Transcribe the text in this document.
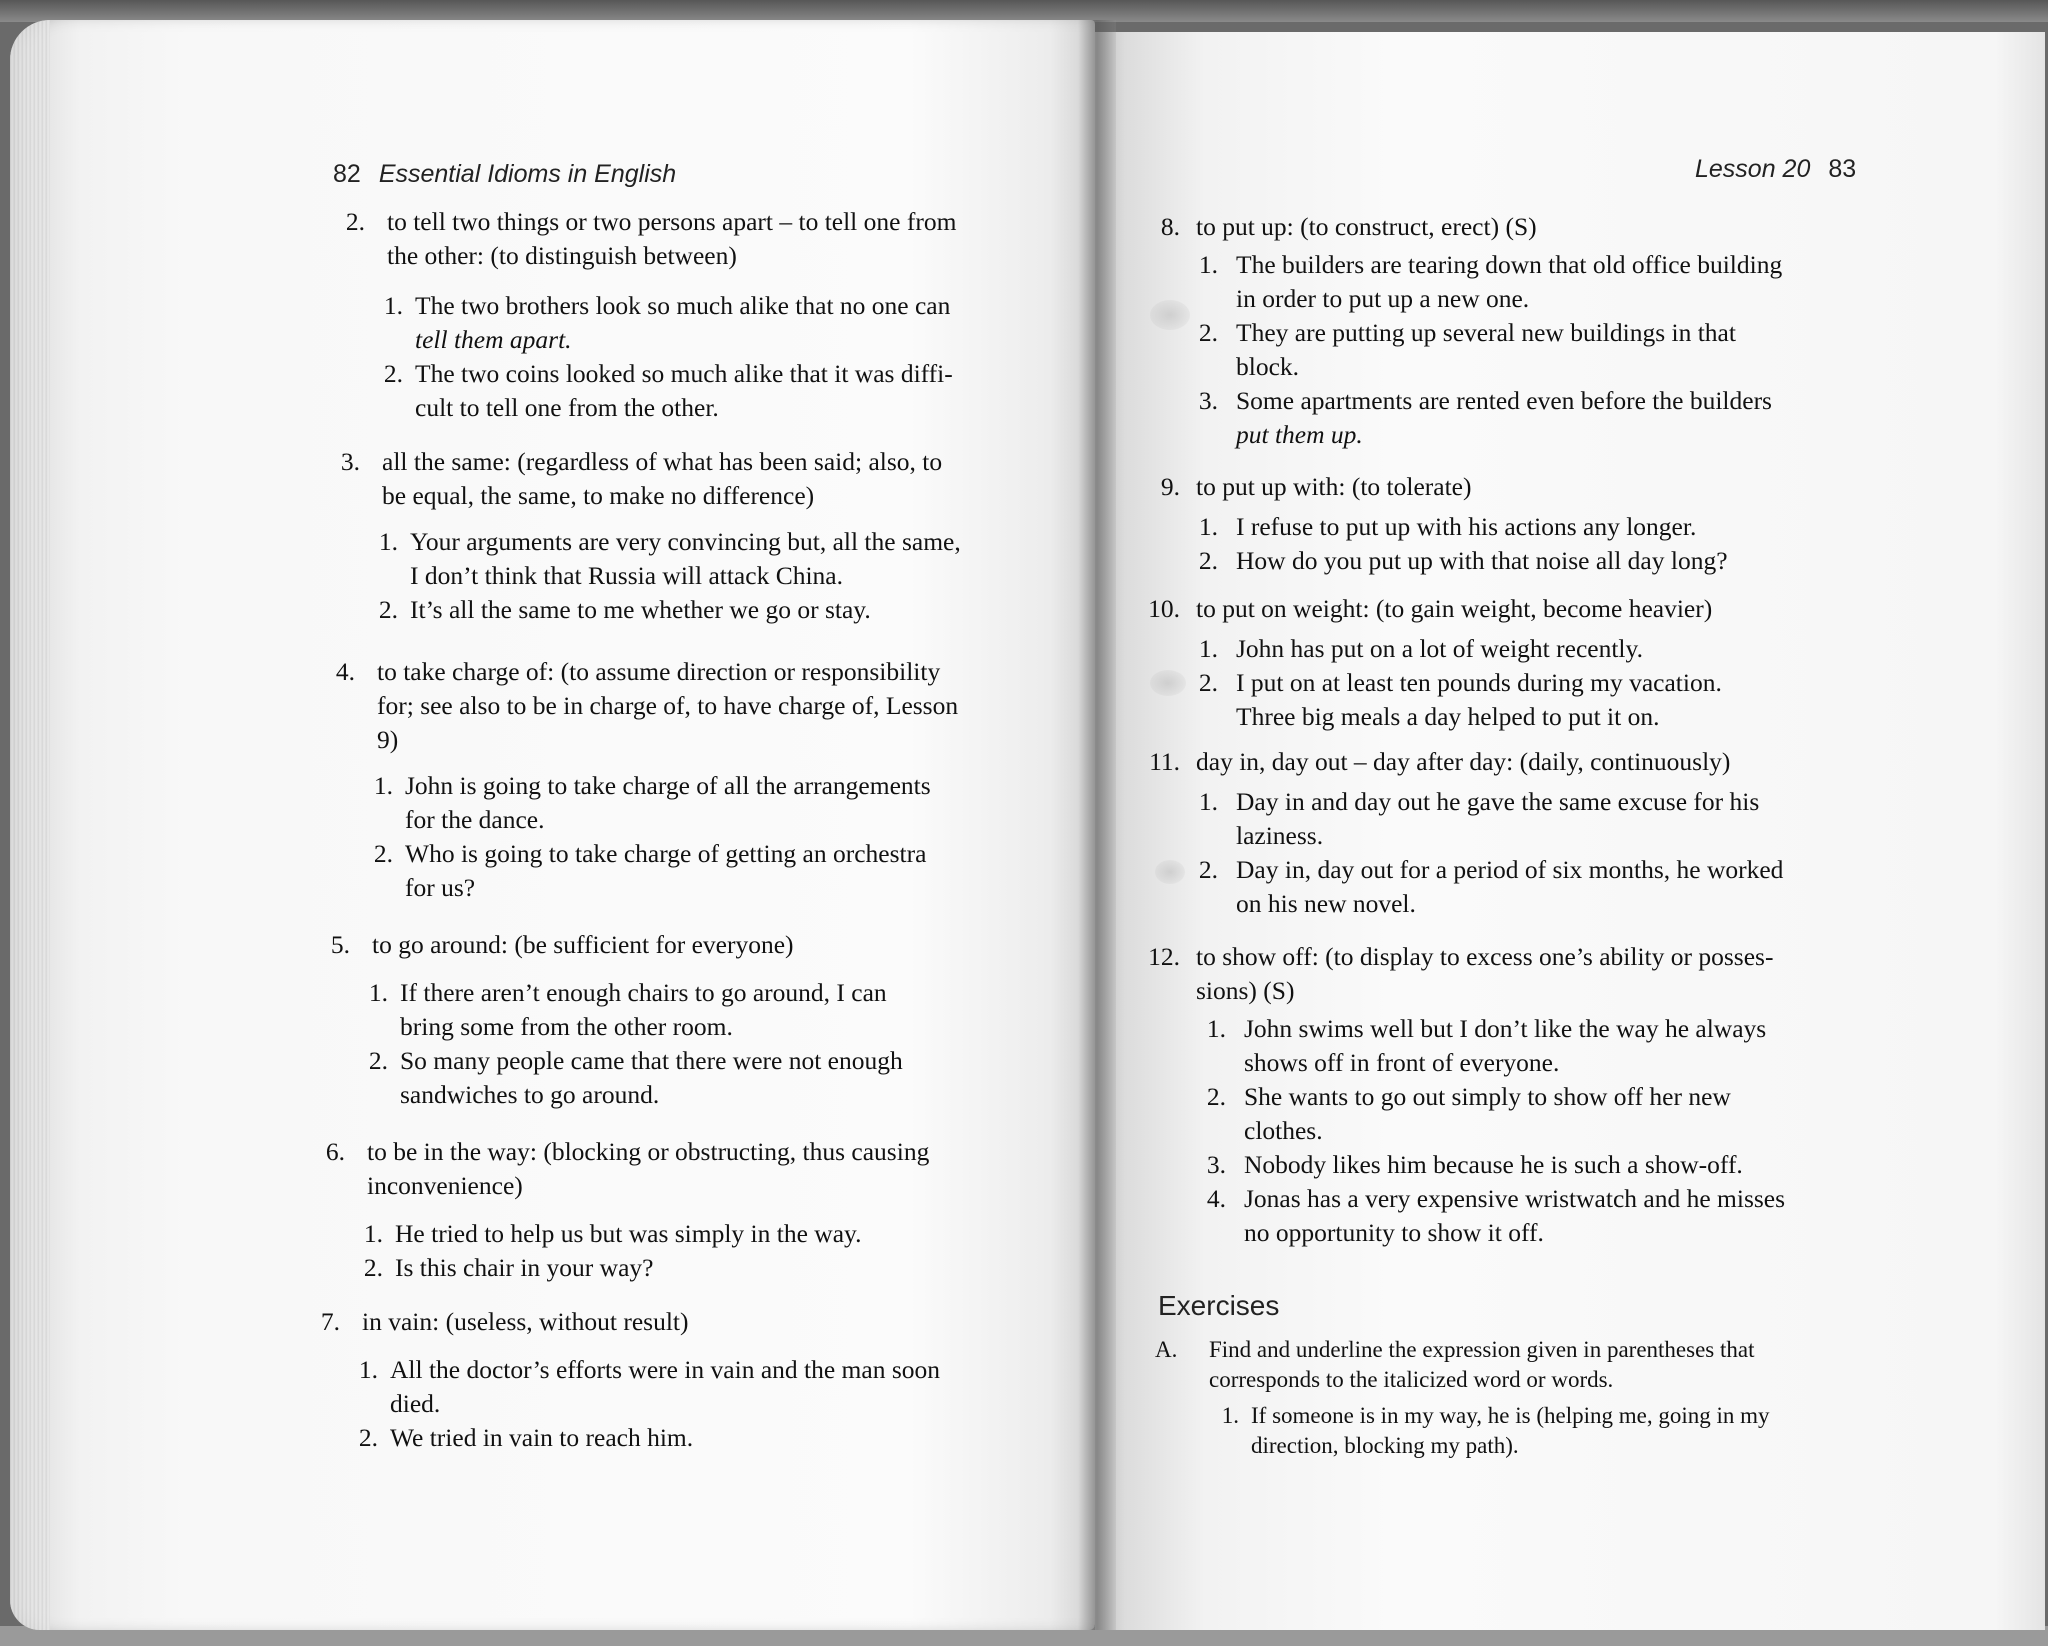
82 Essential Idioms in English	Lesson 20 83
2. to tell two things or two persons apart – to tell one from
the other: (to distinguish between)
1. The two brothers look so much alike that no one can
tell them apart.
2. The two coins looked so much alike that it was diffi-
cult to tell one from the other.
3. all the same: (regardless of what has been said; also, to
be equal, the same, to make no difference)
1. Your arguments are very convincing but, all the same,
I don’t think that Russia will attack China.
2. It’s all the same to me whether we go or stay.
4. to take charge of: (to assume direction or responsibility
for; see also to be in charge of, to have charge of, Lesson
9)
1. John is going to take charge of all the arrangements
for the dance.
2. Who is going to take charge of getting an orchestra
for us?
5. to go around: (be sufficient for everyone)
1. If there aren’t enough chairs to go around, I can
bring some from the other room.
2. So many people came that there were not enough
sandwiches to go around.
6. to be in the way: (blocking or obstructing, thus causing
inconvenience)
1. He tried to help us but was simply in the way.
2. Is this chair in your way?
7. in vain: (useless, without result)
1. All the doctor’s efforts were in vain and the man soon
died.
2. We tried in vain to reach him.
8. to put up: (to construct, erect) (S)
1. The builders are tearing down that old office building
in order to put up a new one.
2. They are putting up several new buildings in that
block.
3. Some apartments are rented even before the builders
put them up.
9. to put up with: (to tolerate)
1. I refuse to put up with his actions any longer.
2. How do you put up with that noise all day long?
10. to put on weight: (to gain weight, become heavier)
1. John has put on a lot of weight recently.
2. I put on at least ten pounds during my vacation.
Three big meals a day helped to put it on.
11. day in, day out – day after day: (daily, continuously)
1. Day in and day out he gave the same excuse for his
laziness.
2. Day in, day out for a period of six months, he worked
on his new novel.
12. to show off: (to display to excess one’s ability or posses-
sions) (S)
1. John swims well but I don’t like the way he always
shows off in front of everyone.
2. She wants to go out simply to show off her new
clothes.
3. Nobody likes him because he is such a show-off.
4. Jonas has a very expensive wristwatch and he misses
no opportunity to show it off.
Exercises
A. Find and underline the expression given in parentheses that
corresponds to the italicized word or words.
1. If someone is in my way, he is (helping me, going in my
direction, blocking my path).
